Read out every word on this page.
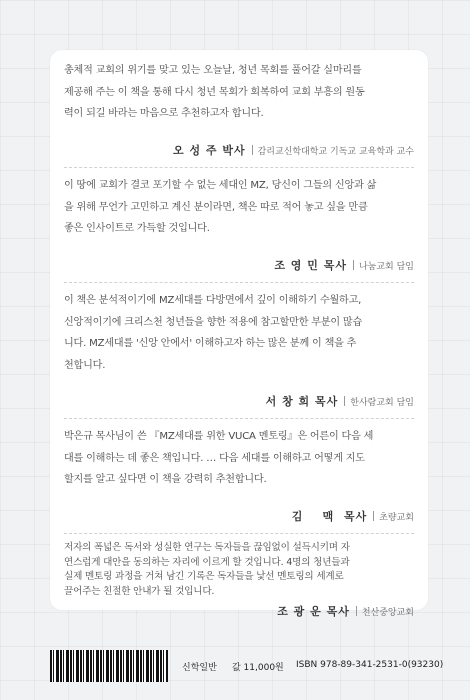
총체적 교회의 위기를 맞고 있는 오늘날, 청년 목회를 풀어갈 실마리를
제공해 주는 이 책을 통해 다시 청년 목회가 회복하여 교회 부흥의 원동
력이 되길 바라는 마음으로 추천하고자 합니다.

오 성 주 박사 감리교신학대학교 기독교 교육학과 교수

이 땅에 교회가 결코 포기할 수 없는 세대인 MZ, 당신이 그들의 신앙과 삶
을 위해 무언가 고민하고 계신 분이라면, 책은 따로 적어 놓고 싶을 만큼
좋은 인사이트로 가득할 것입니다.

조 영 민 목사 나눔교회 담임

이 책은 분석적이기에 MZ세대를 다방면에서 깊이 이해하기 수월하고,
신앙적이기에 크리스천 청년들을 향한 적용에 참고할만한 부분이 많습
니다. MZ세대를 '신앙 안에서' 이해하고자 하는 많은 분께 이 책을 추
천합니다.

서 창 희 목사 한사람교회 담임

박은규 목사님이 쓴 『MZ세대를 위한 VUCA 멘토링』은 어른이 다음 세
대를 이해하는 데 좋은 책입니다. … 다음 세대를 이해하고 어떻게 지도
할지를 알고 싶다면 이 책을 강력히 추천합니다.

김    맥  목사 초량교회

저자의 폭넓은 독서와 성실한 연구는 독자들을 끊임없이 설득시키며 자
연스럽게 대안을 동의하는 자리에 이르게 할 것입니다. 4명의 청년들과
실제 멘토링 과정을 거쳐 남긴 기록은 독자들을 낯선 멘토링의 세계로
끌어주는 친절한 안내가 될 것입니다.

조 광 운 목사 천산중앙교회
신학일반 값 11,000원 ISBN 978-89-341-2531-0(93230)
